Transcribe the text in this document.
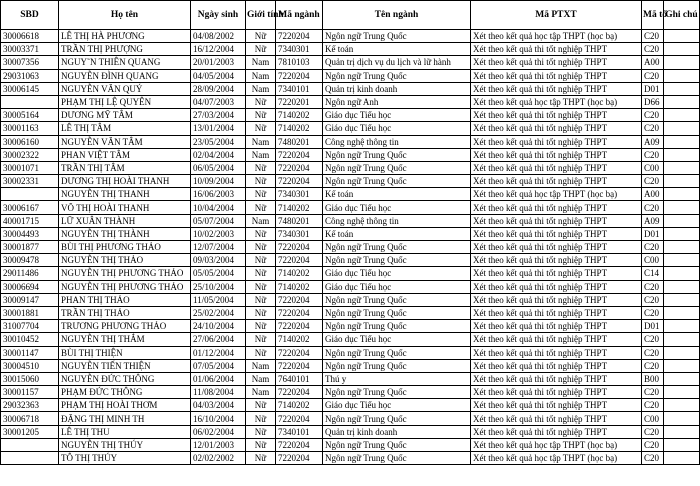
SBD	Họ tên	Ngày sinh	Giới tính	Mã ngành	Tên ngành	Mã PTXT	Mã tổ	Ghi chú
30006618	LÊ THỊ HÀ PHƯƠNG	04/08/2002	Nữ	7220204	Ngôn ngữ Trung Quốc	Xét theo kết quả học tập THPT (học bạ)	C20	
30003371	TRẦN THỊ PHƯỢNG	16/12/2004	Nữ	7340301	Kế toán	Xét theo kết quả thi tốt nghiệp THPT	C20	
30007356	NGUY˜N THIÊN QUANG	20/01/2003	Nam	7810103	Quản trị dịch vụ du lịch và lữ hành	Xét theo kết quả thi tốt nghiệp THPT	A00	
29031063	NGUYỄN ĐÌNH QUANG	04/05/2004	Nam	7220204	Ngôn ngữ Trung Quốc	Xét theo kết quả thi tốt nghiệp THPT	C20	
30006145	NGUYỄN VĂN QUÝ	28/09/2004	Nam	7340101	Quản trị kinh doanh	Xét theo kết quả thi tốt nghiệp THPT	D01	
	PHẠM THỊ LỆ QUYÊN	04/07/2003	Nữ	7220201	Ngôn ngữ Anh	Xét theo kết quả học tập THPT (học bạ)	D66	
30005164	DƯƠNG MỸ TÂM	27/03/2004	Nữ	7140202	Giáo dục Tiểu học	Xét theo kết quả thi tốt nghiệp THPT	C20	
30001163	LÊ THỊ TÂM	13/01/2004	Nữ	7140202	Giáo dục Tiểu học	Xét theo kết quả thi tốt nghiệp THPT	C20	
30006160	NGUYỄN VĂN TÂM	23/05/2004	Nam	7480201	Công nghệ thông tin	Xét theo kết quả thi tốt nghiệp THPT	A09	
30002322	PHAN VIỆT TÂM	02/04/2004	Nam	7220204	Ngôn ngữ Trung Quốc	Xét theo kết quả thi tốt nghiệp THPT	C20	
30001071	TRẦN THỊ TÂM	06/05/2004	Nữ	7220204	Ngôn ngữ Trung Quốc	Xét theo kết quả thi tốt nghiệp THPT	C00	
30002331	DƯƠNG THỊ HOÀI THANH	10/09/2004	Nữ	7220204	Ngôn ngữ Trung Quốc	Xét theo kết quả thi tốt nghiệp THPT	C20	
	NGUYỄN THỊ THANH	16/06/2003	Nữ	7340301	Kế toán	Xét theo kết quả học tập THPT (học bạ)	A00	
30006167	VÕ THỊ HOÀI THANH	10/04/2004	Nữ	7140202	Giáo dục Tiểu học	Xét theo kết quả thi tốt nghiệp THPT	C20	
40001715	LỮ XUÂN THÀNH	05/07/2004	Nam	7480201	Công nghệ thông tin	Xét theo kết quả thi tốt nghiệp THPT	A09	
30004493	NGUYỄN THỊ THÀNH	10/02/2003	Nữ	7340301	Kế toán	Xét theo kết quả thi tốt nghiệp THPT	D01	
30001877	BÙI THỊ PHƯƠNG THẢO	12/07/2004	Nữ	7220204	Ngôn ngữ Trung Quốc	Xét theo kết quả thi tốt nghiệp THPT	C20	
30009478	NGUYỄN THỊ THẢO	09/03/2004	Nữ	7220204	Ngôn ngữ Trung Quốc	Xét theo kết quả thi tốt nghiệp THPT	C00	
29011486	NGUYỄN THỊ PHƯƠNG THẢO	05/05/2004	Nữ	7140202	Giáo dục Tiểu học	Xét theo kết quả thi tốt nghiệp THPT	C14	
30006694	NGUYỄN THỊ PHƯƠNG THẢO	25/10/2004	Nữ	7140202	Giáo dục Tiểu học	Xét theo kết quả thi tốt nghiệp THPT	C20	
30009147	PHAN THỊ THẢO	11/05/2004	Nữ	7220204	Ngôn ngữ Trung Quốc	Xét theo kết quả thi tốt nghiệp THPT	C20	
30001881	TRẦN THỊ THẢO	25/02/2004	Nữ	7220204	Ngôn ngữ Trung Quốc	Xét theo kết quả thi tốt nghiệp THPT	C20	
31007704	TRƯƠNG PHƯƠNG THẢO	24/10/2004	Nữ	7220204	Ngôn ngữ Trung Quốc	Xét theo kết quả thi tốt nghiệp THPT	D01	
30010452	NGUYỄN THỊ THẮM	27/06/2004	Nữ	7140202	Giáo dục Tiểu học	Xét theo kết quả thi tốt nghiệp THPT	C20	
30001147	BÙI THỊ THIỆN	01/12/2004	Nữ	7220204	Ngôn ngữ Trung Quốc	Xét theo kết quả thi tốt nghiệp THPT	C20	
30004510	NGUYỄN TIẾN THIỆN	07/05/2004	Nam	7220204	Ngôn ngữ Trung Quốc	Xét theo kết quả thi tốt nghiệp THPT	C20	
30015060	NGUYỄN ĐỨC THÔNG	01/06/2004	Nam	7640101	Thú y	Xét theo kết quả thi tốt nghiệp THPT	B00	
30001157	PHẠM ĐỨC THÔNG	11/08/2004	Nam	7220204	Ngôn ngữ Trung Quốc	Xét theo kết quả thi tốt nghiệp THPT	C20	
29032363	PHẠM THỊ HOÀI THƠM	04/03/2004	Nữ	7140202	Giáo dục Tiểu học	Xét theo kết quả thi tốt nghiệp THPT	C20	
30006718	ĐẶNG THỊ MINH TH	16/10/2004	Nữ	7220204	Ngôn ngữ Trung Quốc	Xét theo kết quả thi tốt nghiệp THPT	C00	
30001205	LÊ THỊ THU	06/02/2004	Nữ	7340101	Quản trị kinh doanh	Xét theo kết quả thi tốt nghiệp THPT	C20	
	NGUYỄN THỊ THÚY	12/01/2003	Nữ	7220204	Ngôn ngữ Trung Quốc	Xét theo kết quả học tập THPT (học bạ)	C20	
	TÔ THỊ THÚY	02/02/2002	Nữ	7220204	Ngôn ngữ Trung Quốc	Xét theo kết quả học tập THPT (học bạ)	C20	
